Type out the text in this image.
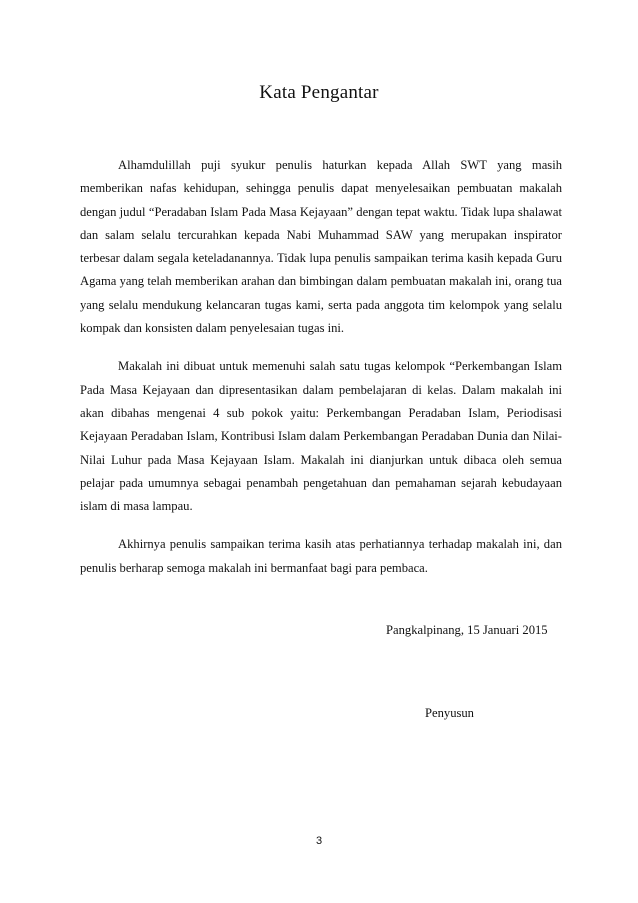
Kata Pengantar

Alhamdulillah puji syukur penulis haturkan kepada Allah SWT yang masih memberikan nafas kehidupan, sehingga penulis dapat menyelesaikan pembuatan makalah dengan judul “Peradaban Islam Pada Masa Kejayaan” dengan tepat waktu. Tidak lupa shalawat dan salam selalu tercurahkan kepada Nabi Muhammad SAW yang merupakan inspirator terbesar dalam segala keteladanannya. Tidak lupa penulis sampaikan terima kasih kepada Guru Agama yang telah memberikan arahan dan bimbingan dalam pembuatan makalah ini, orang tua yang selalu mendukung kelancaran tugas kami, serta pada anggota tim kelompok yang selalu kompak dan konsisten dalam penyelesaian tugas ini.

Makalah ini dibuat untuk memenuhi salah satu tugas kelompok “Perkembangan Islam Pada Masa Kejayaan dan dipresentasikan dalam pembelajaran di kelas. Dalam makalah ini akan dibahas mengenai 4 sub pokok yaitu: Perkembangan Peradaban Islam, Periodisasi Kejayaan Peradaban Islam, Kontribusi Islam dalam Perkembangan Peradaban Dunia dan Nilai-Nilai Luhur pada Masa Kejayaan Islam. Makalah ini dianjurkan untuk dibaca oleh semua pelajar pada umumnya sebagai penambah pengetahuan dan pemahaman sejarah kebudayaan islam di masa lampau.

Akhirnya penulis sampaikan terima kasih atas perhatiannya terhadap makalah ini, dan penulis berharap semoga makalah ini bermanfaat bagi para pembaca.

Pangkalpinang, 15 Januari 2015
Penyusun
3
